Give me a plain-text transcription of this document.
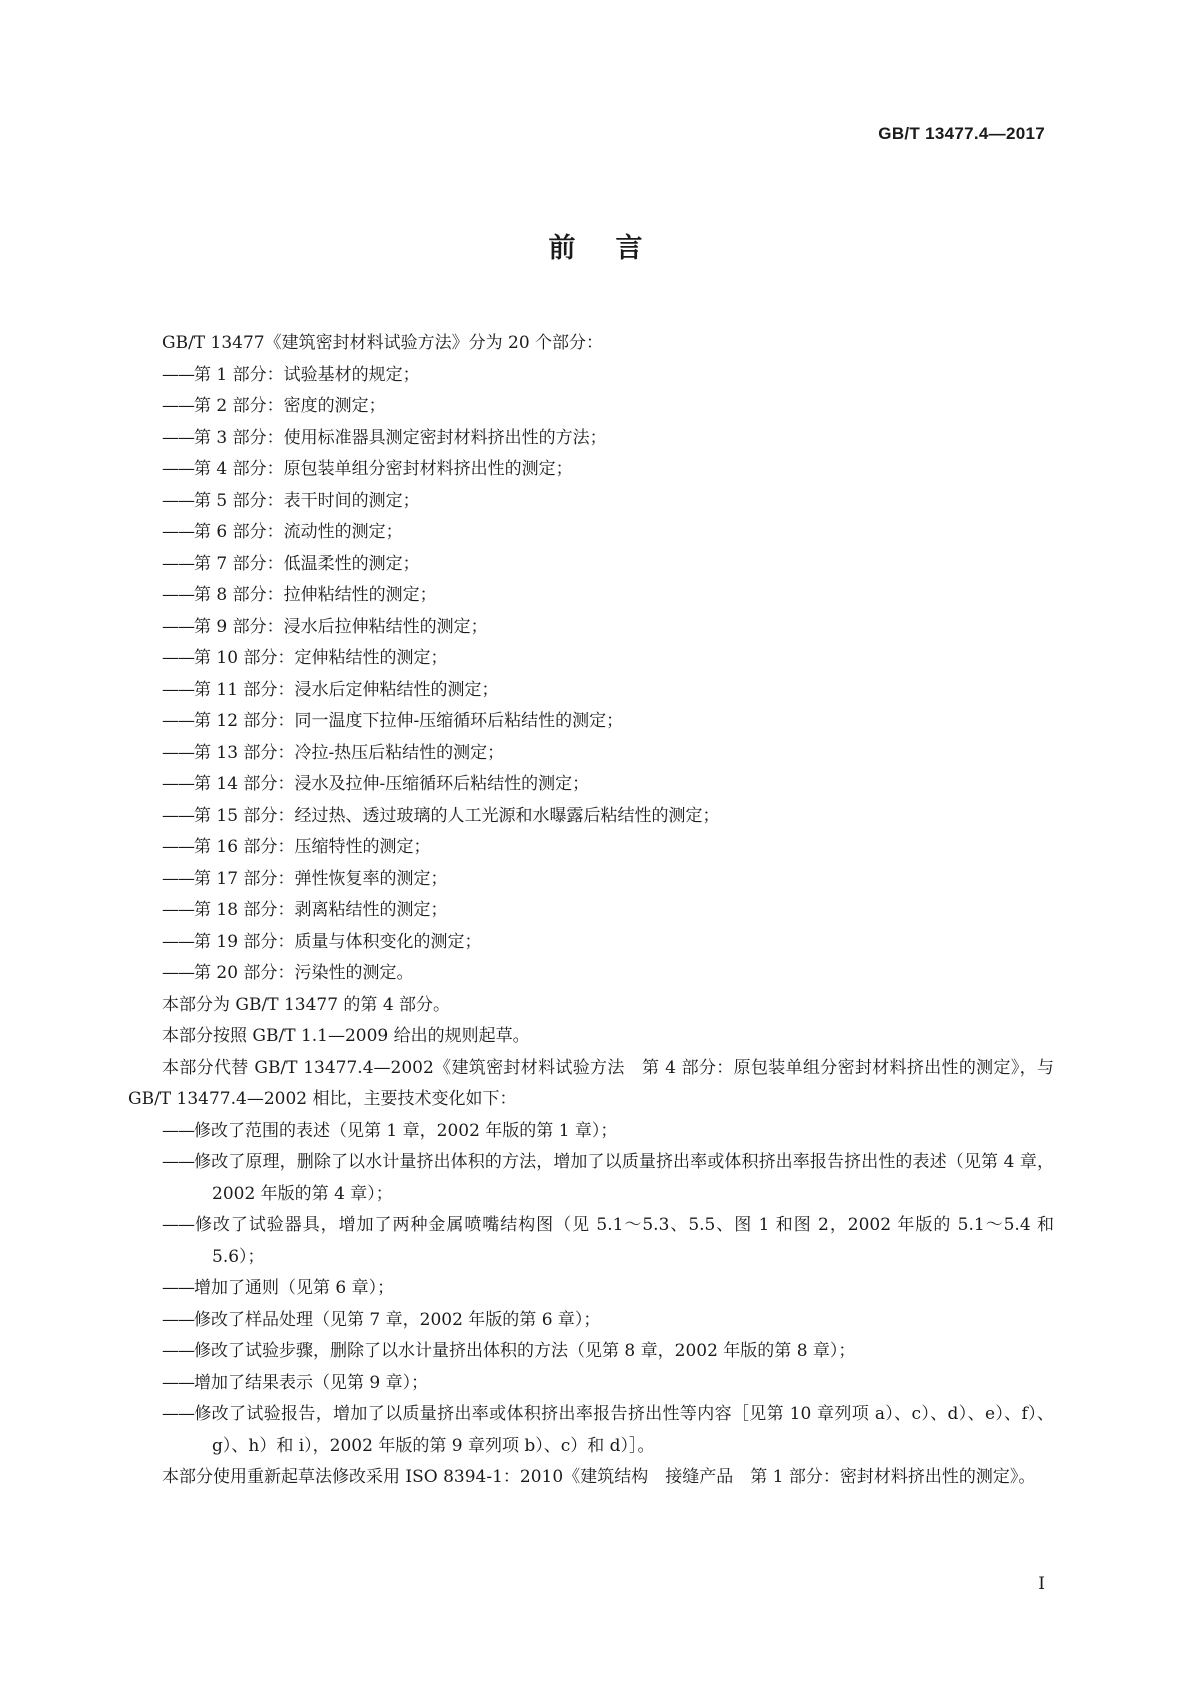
GB/T 13477.4—2017
前言
GB/T 13477《建筑密封材料试验方法》分为 20 个部分：
——第 1 部分：试验基材的规定；
——第 2 部分：密度的测定；
——第 3 部分：使用标准器具测定密封材料挤出性的方法；
——第 4 部分：原包装单组分密封材料挤出性的测定；
——第 5 部分：表干时间的测定；
——第 6 部分：流动性的测定；
——第 7 部分：低温柔性的测定；
——第 8 部分：拉伸粘结性的测定；
——第 9 部分：浸水后拉伸粘结性的测定；
——第 10 部分：定伸粘结性的测定；
——第 11 部分：浸水后定伸粘结性的测定；
——第 12 部分：同一温度下拉伸-压缩循环后粘结性的测定；
——第 13 部分：冷拉-热压后粘结性的测定；
——第 14 部分：浸水及拉伸-压缩循环后粘结性的测定；
——第 15 部分：经过热、透过玻璃的人工光源和水曝露后粘结性的测定；
——第 16 部分：压缩特性的测定；
——第 17 部分：弹性恢复率的测定；
——第 18 部分：剥离粘结性的测定；
——第 19 部分：质量与体积变化的测定；
——第 20 部分：污染性的测定。
本部分为 GB/T 13477 的第 4 部分。
本部分按照 GB/T 1.1—2009 给出的规则起草。
本部分代替 GB/T 13477.4—2002《建筑密封材料试验方法　第 4 部分：原包装单组分密封材料挤出性的测定》，与 GB/T 13477.4—2002 相比，主要技术变化如下：
——修改了范围的表述（见第 1 章，2002 年版的第 1 章）；
——修改了原理，删除了以水计量挤出体积的方法，增加了以质量挤出率或体积挤出率报告挤出性的表述（见第 4 章，2002 年版的第 4 章）；
——修改了试验器具，增加了两种金属喷嘴结构图（见 5.1～5.3、5.5、图 1 和图 2，2002 年版的 5.1～5.4 和 5.6）；
——增加了通则（见第 6 章）；
——修改了样品处理（见第 7 章，2002 年版的第 6 章）；
——修改了试验步骤，删除了以水计量挤出体积的方法（见第 8 章，2002 年版的第 8 章）；
——增加了结果表示（见第 9 章）；
——修改了试验报告，增加了以质量挤出率或体积挤出率报告挤出性等内容［见第 10 章列项 a）、c）、d）、e）、f）、g）、h）和 i），2002 年版的第 9 章列项 b）、c）和 d）］。
本部分使用重新起草法修改采用 ISO 8394-1：2010《建筑结构　接缝产品　第 1 部分：密封材料挤出性的测定》。
I
